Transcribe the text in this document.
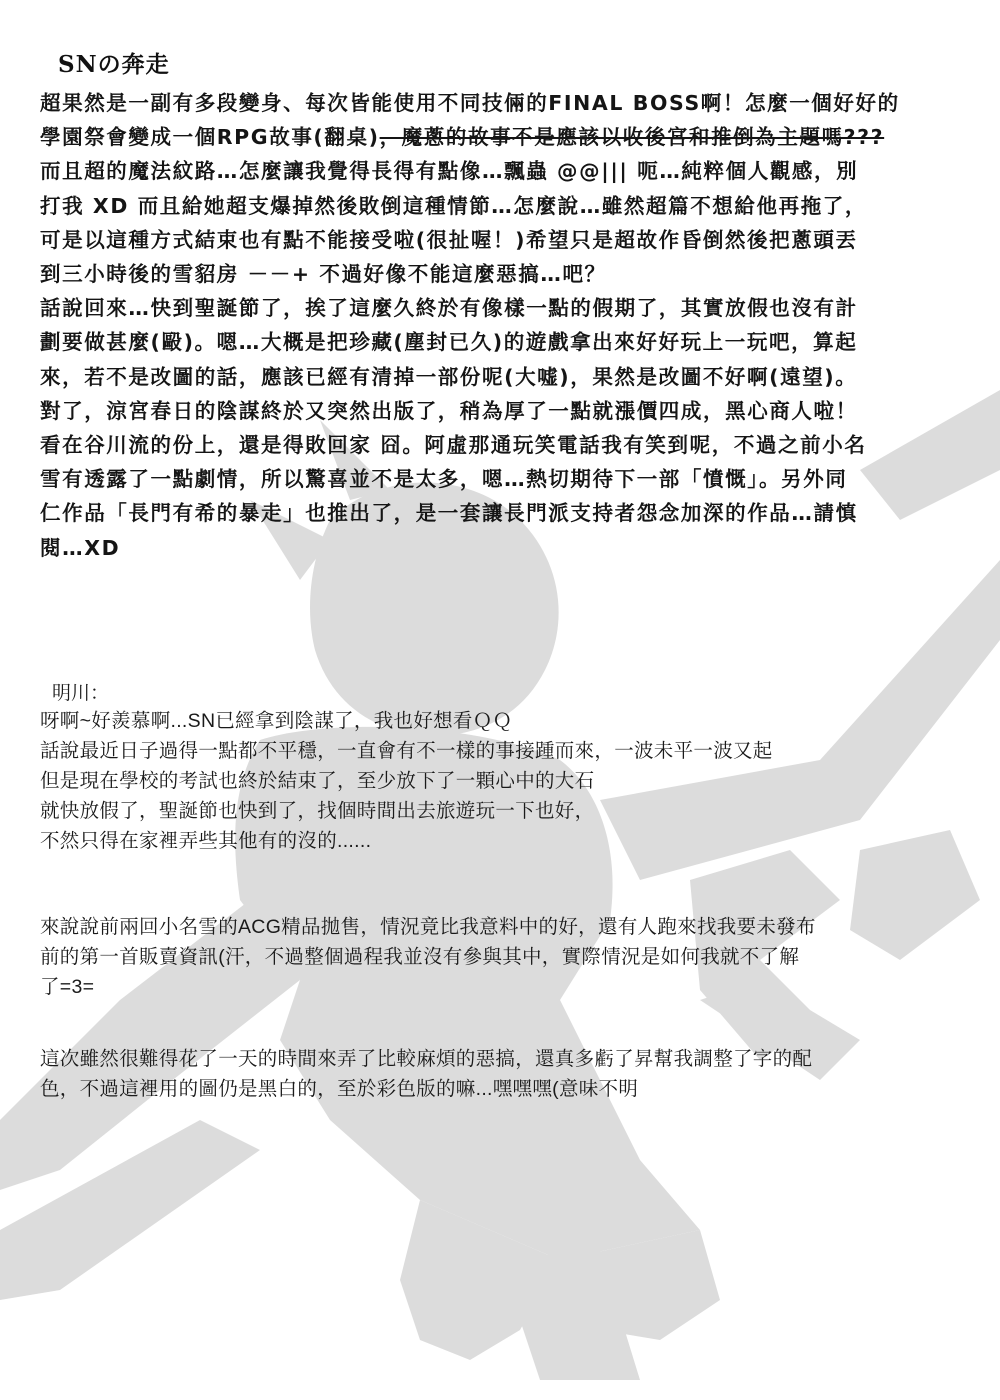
SNの奔走
超果然是一副有多段變身、每次皆能使用不同技倆的FINAL BOSS啊！怎麼一個好好的
學園祭會變成一個RPG故事(翻桌)，魔蔥的故事不是應該以收後宮和推倒為主題嗎???
而且超的魔法紋路…怎麼讓我覺得長得有點像…飄蟲 @@||| 呃…純粹個人觀感，別
打我 XD 而且給她超支爆掉然後敗倒這種情節…怎麼說…雖然超篇不想給他再拖了，
可是以這種方式結束也有點不能接受啦(很扯喔！)希望只是超故作昏倒然後把蔥頭丟
到三小時後的雪貂房 －－+ 不過好像不能這麼惡搞…吧？
話說回來…快到聖誕節了，挨了這麼久終於有像樣一點的假期了，其實放假也沒有計
劃要做甚麼(毆)。嗯…大概是把珍藏(塵封已久)的遊戲拿出來好好玩上一玩吧，算起
來，若不是改圖的話，應該已經有清掉一部份呢(大嘘)，果然是改圖不好啊(遠望)。
對了，涼宮春日的陰謀終於又突然出版了，稍為厚了一點就漲價四成，黑心商人啦！
看在谷川流的份上，還是得敗回家 囧。阿虛那通玩笑電話我有笑到呢，不過之前小名
雪有透露了一點劇情，所以驚喜並不是太多，嗯…熱切期待下一部「憤慨」。另外同
仁作品「長門有希的暴走」也推出了，是一套讓長門派支持者怨念加深的作品…請慎
閱…XD
明川：
呀啊~好羨慕啊...SN已經拿到陰謀了，我也好想看ＱＱ
話說最近日子過得一點都不平穩，一直會有不一樣的事接踵而來，一波未平一波又起
但是現在學校的考試也終於結束了，至少放下了一顆心中的大石
就快放假了，聖誕節也快到了，找個時間出去旅遊玩一下也好，
不然只得在家裡弄些其他有的沒的......
來說說前兩回小名雪的ACG精品拋售，情況竟比我意料中的好，還有人跑來找我要未發布
前的第一首販賣資訊(汗，不過整個過程我並沒有參與其中，實際情況是如何我就不了解
了=3=
這次雖然很難得花了一天的時間來弄了比較麻煩的惡搞，還真多虧了昇幫我調整了字的配
色，不過這裡用的圖仍是黑白的，至於彩色版的嘛...嘿嘿嘿(意味不明
